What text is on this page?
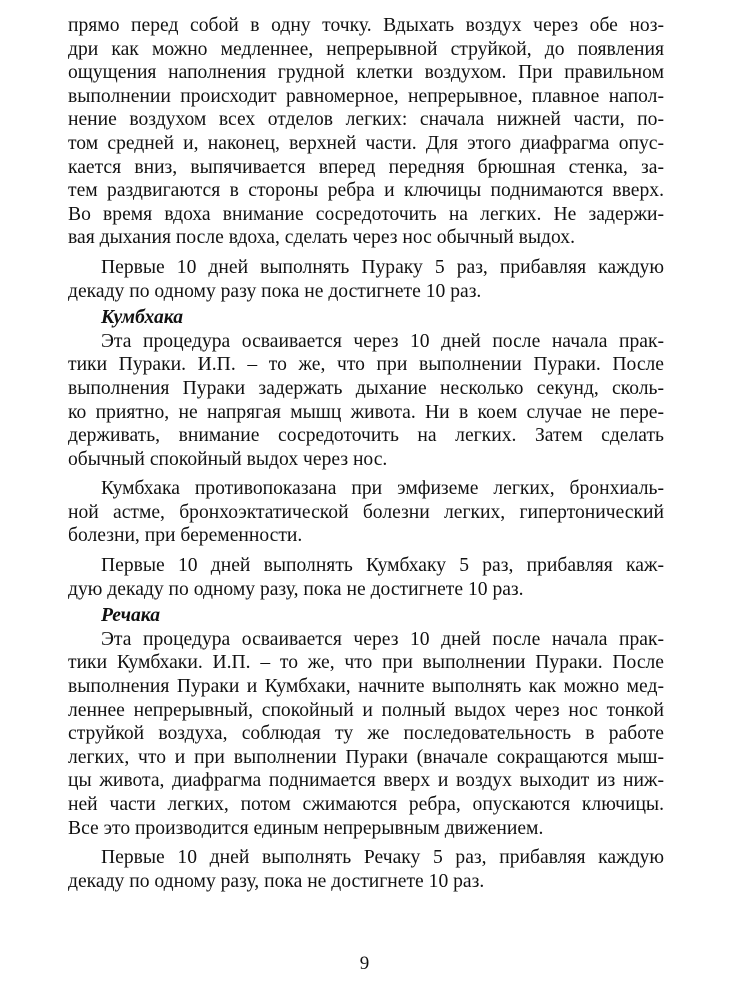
прямо перед собой в одну точку. Вдыхать воздух через обе ноз-
дри как можно медленнее, непрерывной струйкой, до появления
ощущения наполнения грудной клетки воздухом. При правильном
выполнении происходит равномерное, непрерывное, плавное напол-
нение воздухом всех отделов легких: сначала нижней части, по-
том средней и, наконец, верхней части. Для этого диафрагма опус-
кается вниз, выпячивается вперед передняя брюшная стенка, за-
тем раздвигаются в стороны ребра и ключицы поднимаются вверх.
Во время вдоха внимание сосредоточить на легких. Не задержи-
вая дыхания после вдоха, сделать через нос обычный выдох.
Первые 10 дней выполнять Пураку 5 раз, прибавляя каждую
декаду по одному разу пока не достигнете 10 раз.
Кумбхака
Эта процедура осваивается через 10 дней после начала прак-
тики Пураки. И.П. – то же, что при выполнении Пураки. После
выполнения Пураки задержать дыхание несколько секунд, сколь-
ко приятно, не напрягая мышц живота. Ни в коем случае не пере-
держивать, внимание сосредоточить на легких. Затем сделать
обычный спокойный выдох через нос.
Кумбхака противопоказана при эмфиземе легких, бронхиаль-
ной астме, бронхоэктатической болезни легких, гипертонический
болезни, при беременности.
Первые 10 дней выполнять Кумбхаку 5 раз, прибавляя каж-
дую декаду по одному разу, пока не достигнете 10 раз.
Речака
Эта процедура осваивается через 10 дней после начала прак-
тики Кумбхаки. И.П. – то же, что при выполнении Пураки. После
выполнения Пураки и Кумбхаки, начните выполнять как можно мед-
леннее непрерывный, спокойный и полный выдох через нос тонкой
струйкой воздуха, соблюдая ту же последовательность в работе
легких, что и при выполнении Пураки (вначале сокращаются мыш-
цы живота, диафрагма поднимается вверх и воздух выходит из ниж-
ней части легких, потом сжимаются ребра, опускаются ключицы.
Все это производится единым непрерывным движением.
Первые 10 дней выполнять Речаку 5 раз, прибавляя каждую
декаду по одному разу, пока не достигнете 10 раз.
9
